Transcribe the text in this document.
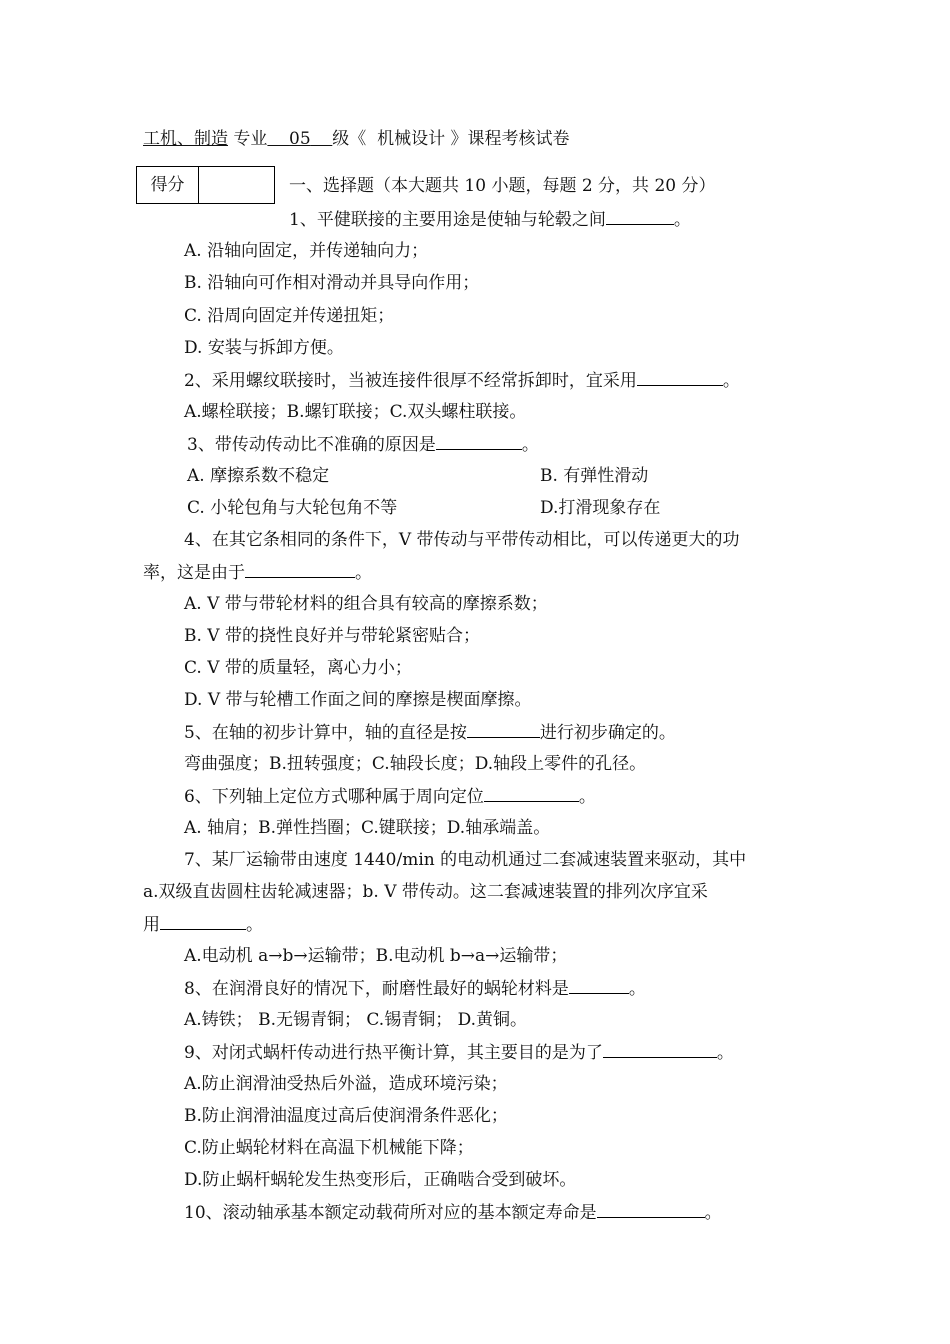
工机、制造 专业 05 级《 机械设计 》课程考核试卷
得分	一、选择题（本大题共 10 小题，每题 2 分，共 20 分）
1、平健联接的主要用途是使轴与轮毂之间	。
A. 沿轴向固定，并传递轴向力；
B. 沿轴向可作相对滑动并具导向作用；
C. 沿周向固定并传递扭矩；
D. 安装与拆卸方便。
2、采用螺纹联接时，当被连接件很厚不经常拆卸时，宜采用	。
A.螺栓联接；B.螺钉联接；C.双头螺柱联接。
3、带传动传动比不准确的原因是	。
A. 摩擦系数不稳定	B. 有弹性滑动
C. 小轮包角与大轮包角不等	D.打滑现象存在
4、在其它条相同的条件下，V 带传动与平带传动相比，可以传递更大的功
率，这是由于	。
A. V 带与带轮材料的组合具有较高的摩擦系数；
B. V 带的挠性良好并与带轮紧密贴合；
C. V 带的质量轻，离心力小；
D. V 带与轮槽工作面之间的摩擦是楔面摩擦。
5、在轴的初步计算中，轴的直径是按	进行初步确定的。
弯曲强度；B.扭转强度；C.轴段长度；D.轴段上零件的孔径。
6、下列轴上定位方式哪种属于周向定位	。
A. 轴肩；B.弹性挡圈；C.键联接；D.轴承端盖。
7、某厂运输带由速度 1440/min 的电动机通过二套减速装置来驱动，其中
a.双级直齿圆柱齿轮减速器；b. V 带传动。这二套减速装置的排列次序宜采
用	。
A.电动机 a→b→运输带；B.电动机 b→a→运输带；
8、在润滑良好的情况下，耐磨性最好的蜗轮材料是	。
A.铸铁； B.无锡青铜； C.锡青铜； D.黄铜。
9、对闭式蜗杆传动进行热平衡计算，其主要目的是为了	。
A.防止润滑油受热后外溢，造成环境污染；
B.防止润滑油温度过高后使润滑条件恶化；
C.防止蜗轮材料在高温下机械能下降；
D.防止蜗杆蜗轮发生热变形后，正确啮合受到破坏。
10、滚动轴承基本额定动载荷所对应的基本额定寿命是	。
